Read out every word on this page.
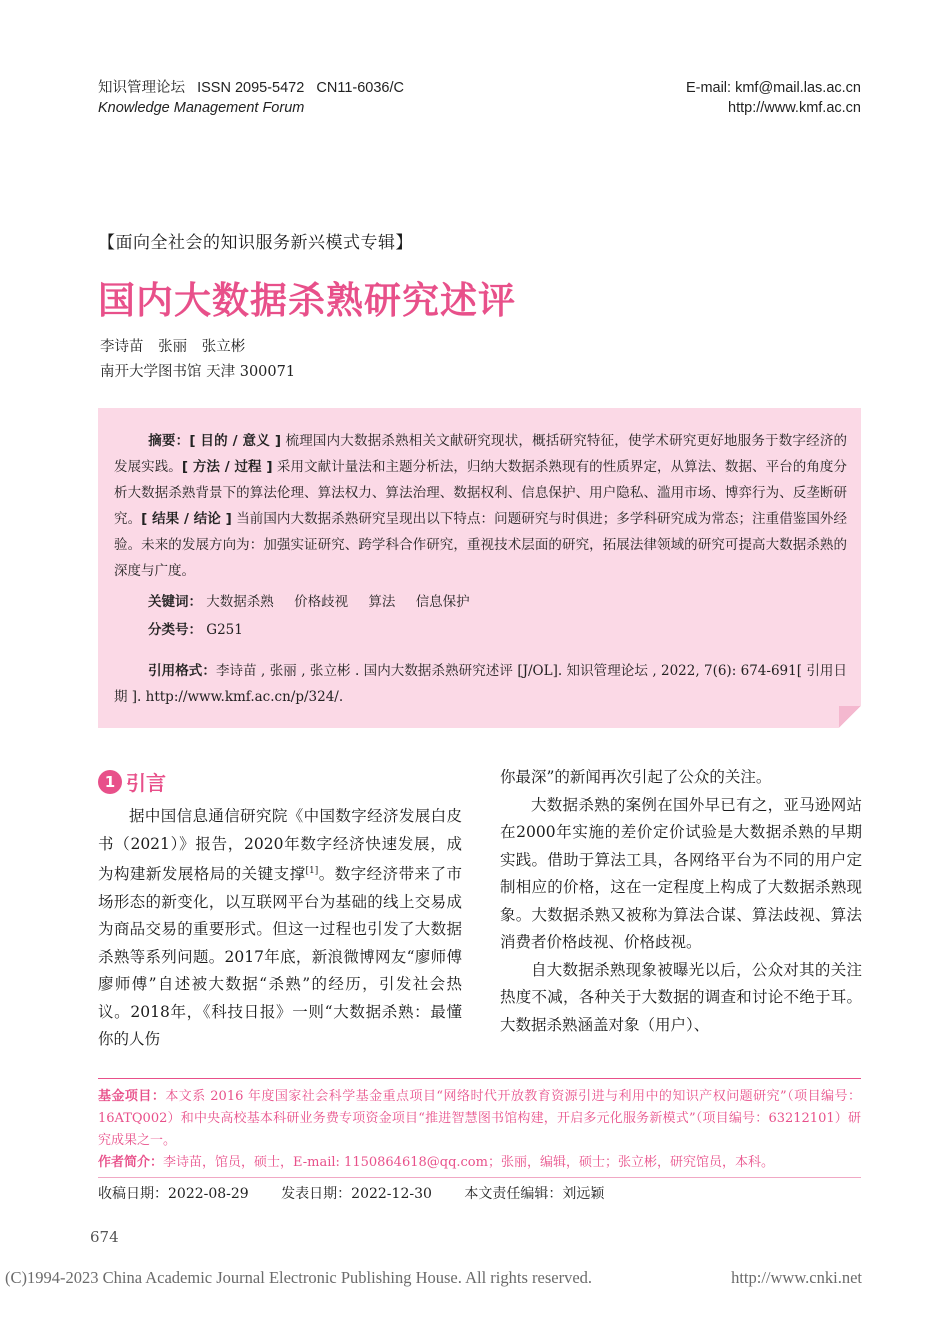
知识管理论坛 ISSN 2095-5472 CN11-6036/C
Knowledge Management Forum
E-mail: kmf@mail.las.ac.cn
http://www.kmf.ac.cn
【面向全社会的知识服务新兴模式专辑】
国内大数据杀熟研究述评
李诗苗 张丽 张立彬
南开大学图书馆 天津 300071
摘要：[ 目的 / 意义 ] 梳理国内大数据杀熟相关文献研究现状，概括研究特征，使学术研究更好地服务于数字经济的发展实践。[ 方法 / 过程 ] 采用文献计量法和主题分析法，归纳大数据杀熟现有的性质界定，从算法、数据、平台的角度分析大数据杀熟背景下的算法伦理、算法权力、算法治理、数据权利、信息保护、用户隐私、滥用市场、博弈行为、反垄断研究。[ 结果 / 结论 ] 当前国内大数据杀熟研究呈现出以下特点：问题研究与时俱进；多学科研究成为常态；注重借鉴国外经验。未来的发展方向为：加强实证研究、跨学科合作研究，重视技术层面的研究，拓展法律领域的研究可提高大数据杀熟的深度与广度。
关键词： 大数据杀熟 价格歧视 算法 信息保护
分类号： G251
引用格式：李诗苗 , 张丽 , 张立彬 . 国内大数据杀熟研究述评 [J/OL]. 知识管理论坛 , 2022, 7(6): 674-691[ 引用日期 ]. http://www.kmf.ac.cn/p/324/.
1 引言

据中国信息通信研究院《中国数字经济发展白皮书（2021）》报告，2020年数字经济快速发展，成为构建新发展格局的关键支撑[1]。数字经济带来了市场形态的新变化，以互联网平台为基础的线上交易成为商品交易的重要形式。但这一过程也引发了大数据杀熟等系列问题。2017年底，新浪微博网友“廖师傅廖师傅”自述被大数据“杀熟”的经历，引发社会热议。2018年，《科技日报》一则“大数据杀熟：最懂你的人伤

你最深”的新闻再次引起了公众的关注。

大数据杀熟的案例在国外早已有之，亚马逊网站在2000年实施的差价定价试验是大数据杀熟的早期实践。借助于算法工具，各网络平台为不同的用户定制相应的价格，这在一定程度上构成了大数据杀熟现象。大数据杀熟又被称为算法合谋、算法歧视、算法消费者价格歧视、价格歧视。

自大数据杀熟现象被曝光以后，公众对其的关注热度不减，各种关于大数据的调查和讨论不绝于耳。大数据杀熟涵盖对象（用户）、

基金项目：本文系 2016 年度国家社会科学基金重点项目“网络时代开放教育资源引进与利用中的知识产权问题研究”（项目编号：16ATQ002）和中央高校基本科研业务费专项资金项目“推进智慧图书馆构建，开启多元化服务新模式”（项目编号：63212101）研究成果之一。
作者简介：李诗苗，馆员，硕士，E-mail: 1150864618@qq.com；张丽，编辑，硕士；张立彬，研究馆员，本科。
收稿日期：2022-08-29 发表日期：2022-12-30 本文责任编辑：刘远颖
674
(C)1994-2023 China Academic Journal Electronic Publishing House. All rights reserved.	http://www.cnki.net
